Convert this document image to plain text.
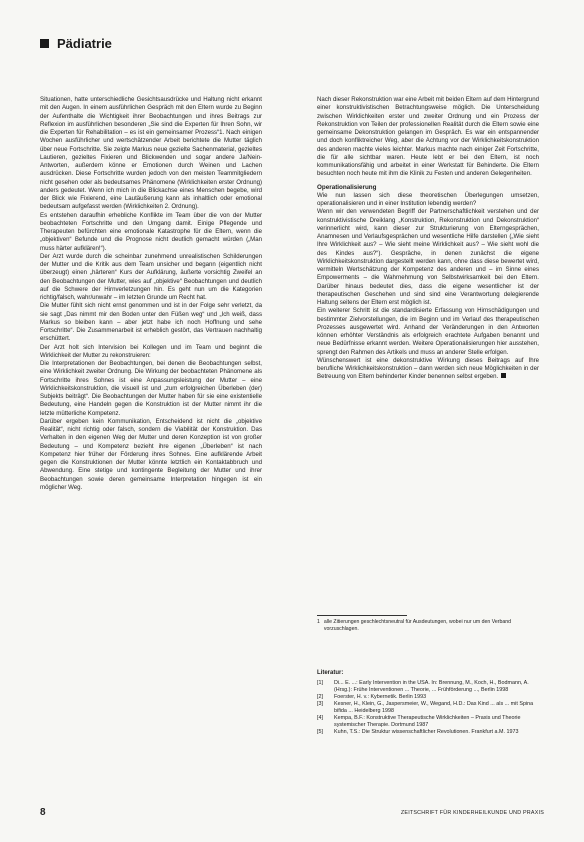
Pädiatrie

Situationen, hatte unterschiedliche Gesichtsausdrücke und Haltung nicht erkannt mit den Augen. In einem ausführlichen Gespräch mit den Eltern wurde zu Beginn der Aufenthalte die Wichtigkeit ihrer Beobachtungen und ihres Beitrags zur Reflexion im ausführlichen besonderen „Sie sind die Experten für Ihren Sohn, wir die Experten für Rehabilitation – es ist ein gemeinsamer Prozess“1. Nach einigen Wochen ausführlicher und wertschätzender Arbeit berichtete die Mutter täglich über neue Fortschritte. Sie zeigte Markus neue gezielte Sachenmaterial, gezieltes Lautieren, gezieltes Fixieren und Blickwenden und sogar andere Ja/Nein-Antworten, außerdem könne er Emotionen durch Weinen und Lachen ausdrücken. Diese Fortschritte wurden jedoch von den meisten Teammitgliedern nicht gesehen oder als bedeutsames Phänomene (Wirklichkeiten erster Ordnung) anders gedeutet. Wenn ich mich in die Blickachse eines Menschen begebe, wird der Blick wie Fixierend, eine Lautäußerung kann als inhaltlich oder emotional bedeutsam aufgefasst werden (Wirklichkeiten 2. Ordnung).

Es entstehen daraufhin erhebliche Konflikte im Team über die von der Mutter beobachteten Fortschritte und den Umgang damit. Einige Pflegende und Therapeuten befürchten eine emotionale Katastrophe für die Eltern, wenn die „objektiven“ Befunde und die Prognose nicht deutlich gemacht würden („Man muss härter aufklären!“).

Der Arzt wurde durch die scheinbar zunehmend unrealistischen Schilderungen der Mutter und die Kritik aus dem Team unsicher und begann (eigentlich nicht überzeugt) einen „härteren“ Kurs der Aufklärung, äußerte vorsichtig Zweifel an den Beobachtungen der Mutter, wies auf „objektive“ Beobachtungen und deutlich auf die Schwere der Hirnverletzungen hin. Es geht nun um die Kategorien richtig/falsch, wahr/unwahr – im letzten Grunde um Recht hat.

Die Mutter fühlt sich nicht ernst genommen und ist in der Folge sehr verletzt, da sie sagt „Das nimmt mir den Boden unter den Füßen weg“ und „Ich weiß, dass Markus so bleiben kann – aber jetzt habe ich noch Hoffnung und sehe Fortschritte“. Die Zusammenarbeit ist erheblich gestört, das Vertrauen nachhaltig erschüttert.

Der Arzt holt sich Intervision bei Kollegen und im Team und beginnt die Wirklichkeit der Mutter zu rekonstruieren:

Die Interpretationen der Beobachtungen, bei denen die Beobachtungen selbst, eine Wirklichkeit zweiter Ordnung. Die Wirkung der beobachteten Phänomene als Fortschritte ihres Sohnes ist eine Anpassungsleistung der Mutter – eine Wirklichkeitskonstruktion, die visuell ist und „zum erfolgreichen Überleben (der) Subjekts beiträgt“. Die Beobachtungen der Mutter haben für sie eine existentielle Bedeutung, eine Handeln gegen die Konstruktion ist der Mutter nimmt ihr die letzte mütterliche Kompetenz.

Darüber ergeben kein Kommunikation, Entscheidend ist nicht die „objektive Realität“, nicht richtig oder falsch, sondern die Viabilität der Konstruktion. Das Verhalten in den eigenen Weg der Mutter und deren Konzeption ist von großer Bedeutung – und Kompetenz bezieht ihre eigenen „Überleben“ ist nach Kompetenz hier früher der Förderung ihres Sohnes. Eine aufklärende Arbeit gegen die Konstruktionen der Mutter könnte letztlich ein Kontaktabbruch und Abwendung. Eine stetige und kontingente Begleitung der Mutter und ihrer Beobachtungen sowie deren gemeinsame Interpretation hingegen ist ein möglicher Weg.

Nach dieser Rekonstruktion war eine Arbeit mit beiden Eltern auf dem Hintergrund einer konstruktivistischen Betrachtungsweise möglich. Die Unterscheidung zwischen Wirklichkeiten erster und zweiter Ordnung und ein Prozess der Rekonstruktion von Teilen der professionellen Realität durch die Eltern sowie eine gemeinsame Dekonstruktion gelangen im Gespräch. Es war ein entspannender und doch konfliktreicher Weg, aber die Achtung vor der Wirklichkeitskonstruktion des anderen machte vieles leichter. Markus machte nach einiger Zeit Fortschritte, die für alle sichtbar waren. Heute lebt er bei den Eltern, ist noch kommunikationsfähig und arbeitet in einer Werkstatt für Behinderte. Die Eltern besuchten noch heute mit ihm die Klinik zu Festen und anderen Gelegenheiten.

Operationalisierung

Wie nun lassen sich diese theoretischen Überlegungen umsetzen, operationalisieren und in einer Institution lebendig werden?

Wenn wir den verwendeten Begriff der Partnerschaftlichkeit verstehen und der konstruktivistische Dreiklang „Konstruktion, Rekonstruktion und Dekonstruktion“ verinnerlicht wird, kann dieser zur Strukturierung von Elterngesprächen, Anamnesen und Verlaufsgesprächen und wesentliche Hilfe darstellen („Wie sieht Ihre Wirklichkeit aus? – Wie sieht meine Wirklichkeit aus? – Wie sieht wohl die des Kindes aus?“). Gespräche, in denen zunächst die eigene Wirklichkeitskonstruktion dargestellt werden kann, ohne dass diese bewertet wird, vermitteln Wertschätzung der Kompetenz des anderen und – im Sinne eines Empowerments – die Wahrnehmung von Selbstwirksamkeit bei den Eltern. Darüber hinaus bedeutet dies, dass die eigene wesentlicher ist der therapeutischen Geschehen und sind sind eine Verantwortung delegierende Haltung seitens der Eltern erst möglich ist.

Ein weiterer Schritt ist die standardisierte Erfassung von Hirnschädigungen und bestimmter Zielvorstellungen, die im Beginn und im Verlauf des therapeutischen Prozesses ausgewertet wird. Anhand der Veränderungen in den Antworten können erhöhter Verständnis als erfolgreich erachtete Aufgaben benannt und neue Bedürfnisse erkannt werden. Weitere Operationalisierungen hier ausstehen, sprengt den Rahmen des Artikels und muss an anderer Stelle erfolgen.

Wünschenswert ist eine dekonstruktive Wirkung dieses Beitrags auf Ihre berufliche Wirklichkeitskonstruktion – dann werden sich neue Möglichkeiten in der Betreuung von Eltern behinderter Kinder benennen selbst ergeben.

1 alle Zitierungen geschlechtsneutral für Ausdeutungen, wobei nur um den Verband vorzuschlagen.
Literatur:
[1]	Di... E. ...: Early Intervention in the USA. In: Brennung, M., Koch, H., Bodmann, A. (Hrsg.): Frühe Interventionen ... Theorie, ... Frühförderung ..., Berlin 1998
[2]	Foerster, H. v.: Kybernetik. Berlin 1993
[3]	Kesner, H., Klein, G., Jaspersmeier, W., Wegand, H.D.: Das Kind ... als ... mit Spina bifida ... Heidelberg 1998
[4]	Kempa, B.F.: Konstruktive Therapeutische Wirklichkeiten – Praxis und Theorie systemischer Therapie. Dortmund 1987
[5]	Kuhn, T.S.: Die Struktur wissenschaftlicher Revolutionen. Frankfurt a.M. 1973
8	ZEITSCHRIFT FÜR KINDERHEILKUNDE UND PRAXIS
